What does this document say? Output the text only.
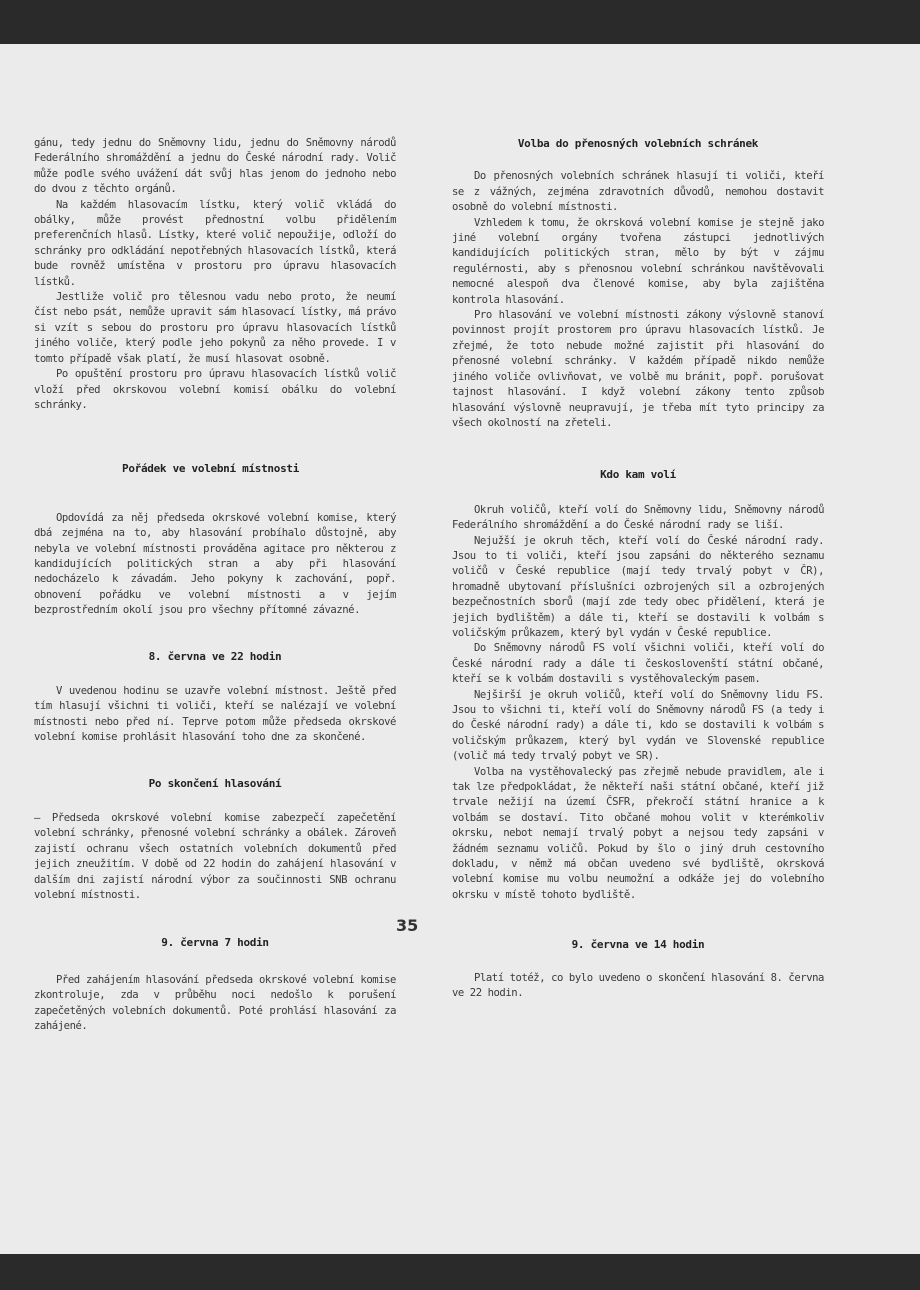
gánu, tedy jednu do Sněmovny lidu, jednu do Sněmovny národů Federálního shromáždění a jednu do České národní rady. Volič může podle svého uvážení dát svůj hlas jenom do jednoho nebo do dvou z těchto orgánů.

Na každém hlasovacím lístku, který volič vkládá do obálky, může provést přednostní volbu přidělením preferenčních hlasů. Lístky, které volič nepoužije, odloží do schránky pro odkládání nepotřebných hlasovacích lístků, která bude rovněž umístěna v prostoru pro úpravu hlasovacích lístků.

Jestliže volič pro tělesnou vadu nebo proto, že neumí číst nebo psát, nemůže upravit sám hlasovací lístky, má právo si vzít s sebou do prostoru pro úpravu hlasovacích lístků jiného voliče, který podle jeho pokynů za něho provede. I v tomto případě však platí, že musí hlasovat osobně.

Po opuštění prostoru pro úpravu hlasovacích lístků volič vloží před okrskovou volební komisí obálku do volební schránky.

Pořádek ve volební místnosti

Opdovídá za něj předseda okrskové volební komise, který dbá zejména na to, aby hlasování probíhalo důstojně, aby nebyla ve volební místnosti prováděna agitace pro některou z kandidujících politických stran a aby při hlasování nedocházelo k závadám. Jeho pokyny k zachování, popř. obnovení pořádku ve volební místnosti a v jejím bezprostředním okolí jsou pro všechny přítomné závazné.

8. června ve 22 hodin

V uvedenou hodinu se uzavře volební místnost. Ještě před tím hlasují všichni ti voliči, kteří se nalézají ve volební místnosti nebo před ní. Teprve potom může předseda okrskové volební komise prohlásit hlasování toho dne za skončené.

Po skončení hlasování

– Předseda okrskové volební komise zabezpečí zapečetění volební schránky, přenosné volební schránky a obálek. Zároveň zajistí ochranu všech ostatních volebních dokumentů před jejich zneužitím. V době od 22 hodin do zahájení hlasování v dalším dni zajistí národní výbor za součinnosti SNB ochranu volební místnosti.

9. června 7 hodin

Před zahájením hlasování předseda okrskové volební komise zkontroluje, zda v průběhu noci nedošlo k porušení zapečetěných volebních dokumentů. Poté prohlásí hlasování za zahájené.

Volba do přenosných volebních schránek

Do přenosných volebních schránek hlasují ti voliči, kteří se z vážných, zejména zdravotních důvodů, nemohou dostavit osobně do volební místnosti.

Vzhledem k tomu, že okrsková volební komise je stejně jako jiné volební orgány tvořena zástupci jednotlivých kandidujících politických stran, mělo by být v zájmu regulérnosti, aby s přenosnou volební schránkou navštěvovali nemocné alespoň dva členové komise, aby byla zajištěna kontrola hlasování.

Pro hlasování ve volební místnosti zákony výslovně stanoví povinnost projít prostorem pro úpravu hlasovacích lístků. Je zřejmé, že toto nebude možné zajistit při hlasování do přenosné volební schránky. V každém případě nikdo nemůže jiného voliče ovlivňovat, ve volbě mu bránit, popř. porušovat tajnost hlasování. I když volební zákony tento způsob hlasování výslovně neupravují, je třeba mít tyto principy za všech okolností na zřeteli.

Kdo kam volí

Okruh voličů, kteří volí do Sněmovny lidu, Sněmovny národů Federálního shromáždění a do České národní rady se liší.

Nejužší je okruh těch, kteří volí do České národní rady. Jsou to ti voliči, kteří jsou zapsáni do některého seznamu voličů v České republice (mají tedy trvalý pobyt v ČR), hromadně ubytovaní příslušníci ozbrojených sil a ozbrojených bezpečnostních sborů (mají zde tedy obec přidělení, která je jejich bydlištěm) a dále ti, kteří se dostavili k volbám s voličským průkazem, který byl vydán v České republice.

Do Sněmovny národů FS volí všichni voliči, kteří volí do České národní rady a dále ti českoslovenští státní občané, kteří se k volbám dostavili s vystěhovaleckým pasem.

Nejširší je okruh voličů, kteří volí do Sněmovny lidu FS. Jsou to všichni ti, kteří volí do Sněmovny národů FS (a tedy i do České národní rady) a dále ti, kdo se dostavili k volbám s voličským průkazem, který byl vydán ve Slovenské republice (volič má tedy trvalý pobyt ve SR).

Volba na vystěhovalecký pas zřejmě nebude pravidlem, ale i tak lze předpokládat, že někteří naši státní občané, kteří již trvale nežijí na území ČSFR, překročí státní hranice a k volbám se dostaví. Tito občané mohou volit v kterémkoliv okrsku, nebot nemají trvalý pobyt a nejsou tedy zapsáni v žádném seznamu voličů. Pokud by šlo o jiný druh cestovního dokladu, v němž má občan uvedeno své bydliště, okrsková volební komise mu volbu neumožní a odkáže jej do volebního okrsku v místě tohoto bydliště.

9. června ve 14 hodin

Platí totéž, co bylo uvedeno o skončení hlasování 8. června ve 22 hodin.

35
